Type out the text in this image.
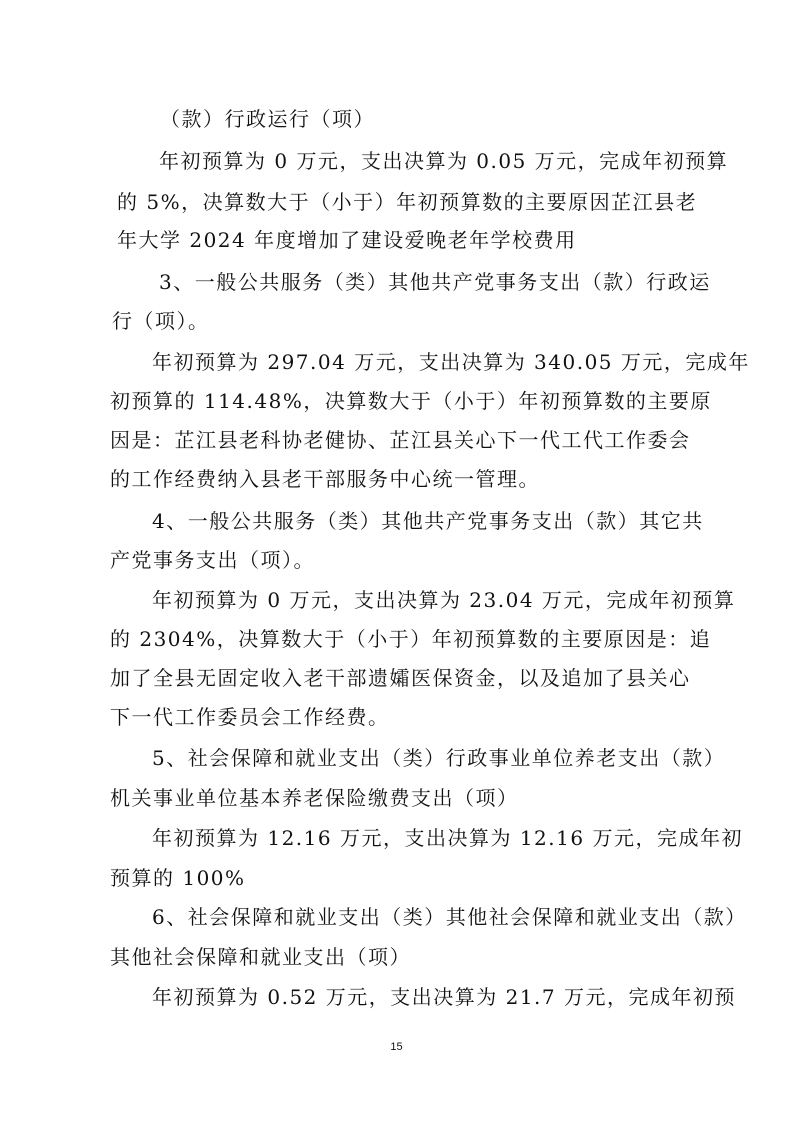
（款）行政运行（项）
年初预算为 0 万元，支出决算为 0.05 万元，完成年初预算
的 5%，决算数大于（小于）年初预算数的主要原因芷江县老
年大学 2024 年度增加了建设爱晚老年学校费用
3、一般公共服务（类）其他共产党事务支出（款）行政运
行（项）。
年初预算为 297.04 万元，支出决算为 340.05 万元，完成年
初预算的 114.48%，决算数大于（小于）年初预算数的主要原
因是：芷江县老科协老健协、芷江县关心下一代工代工作委会
的工作经费纳入县老干部服务中心统一管理。
4、一般公共服务（类）其他共产党事务支出（款）其它共
产党事务支出（项）。
年初预算为 0 万元，支出决算为 23.04 万元，完成年初预算
的 2304%，决算数大于（小于）年初预算数的主要原因是：追
加了全县无固定收入老干部遗孀医保资金，以及追加了县关心
下一代工作委员会工作经费。
5、社会保障和就业支出（类）行政事业单位养老支出（款）
机关事业单位基本养老保险缴费支出（项）
年初预算为 12.16 万元，支出决算为 12.16 万元，完成年初
预算的 100%
6、社会保障和就业支出（类）其他社会保障和就业支出（款）
其他社会保障和就业支出（项）
年初预算为 0.52 万元，支出决算为 21.7 万元，完成年初预
15
